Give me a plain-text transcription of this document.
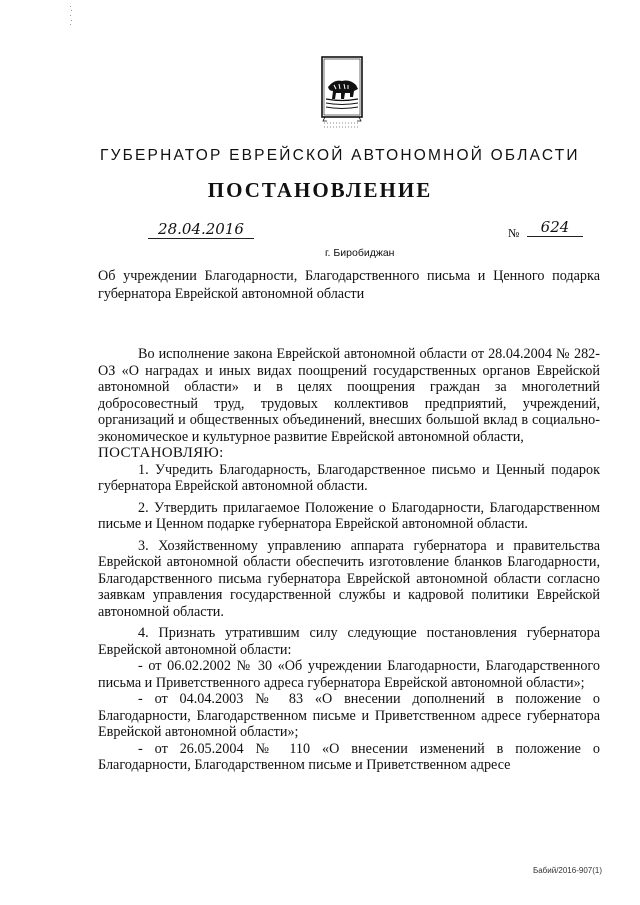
ГУБЕРНАТОР ЕВРЕЙСКОЙ АВТОНОМНОЙ ОБЛАСТИ
ПОСТАНОВЛЕНИЕ
28.04.2016	№	624
г. Биробиджан
Об учреждении Благодарности, Благодарственного письма и Ценного подарка губернатора Еврейской автономной области

Во исполнение закона Еврейской автономной области от 28.04.2004 № 282-ОЗ «О наградах и иных видах поощрений государственных органов Еврейской автономной области» и в целях поощрения граждан за многолетний добросовестный труд, трудовых коллективов предприятий, учреждений, организаций и общественных объединений, внесших большой вклад в социально-экономическое и культурное развитие Еврейской автономной области,

ПОСТАНОВЛЯЮ:

1. Учредить Благодарность, Благодарственное письмо и Ценный подарок губернатора Еврейской автономной области.

2. Утвердить прилагаемое Положение о Благодарности, Благодарственном письме и Ценном подарке губернатора Еврейской автономной области.

3. Хозяйственному управлению аппарата губернатора и правительства Еврейской автономной области обеспечить изготовление бланков Благодарности, Благодарственного письма губернатора Еврейской автономной области согласно заявкам управления государственной службы и кадровой политики Еврейской автономной области.

4. Признать утратившим силу следующие постановления губернатора Еврейской автономной области:

- от 06.02.2002 № 30 «Об учреждении Благодарности, Благодарственного письма и Приветственного адреса губернатора Еврейской автономной области»;

- от 04.04.2003 № 83 «О внесении дополнений в положение о Благодарности, Благодарственном письме и Приветственном адресе губернатора Еврейской автономной области»;

- от 26.05.2004 № 110 «О внесении изменений в положение о Благодарности, Благодарственном письме и Приветственном адресе

Бабий/2016-907(1)
